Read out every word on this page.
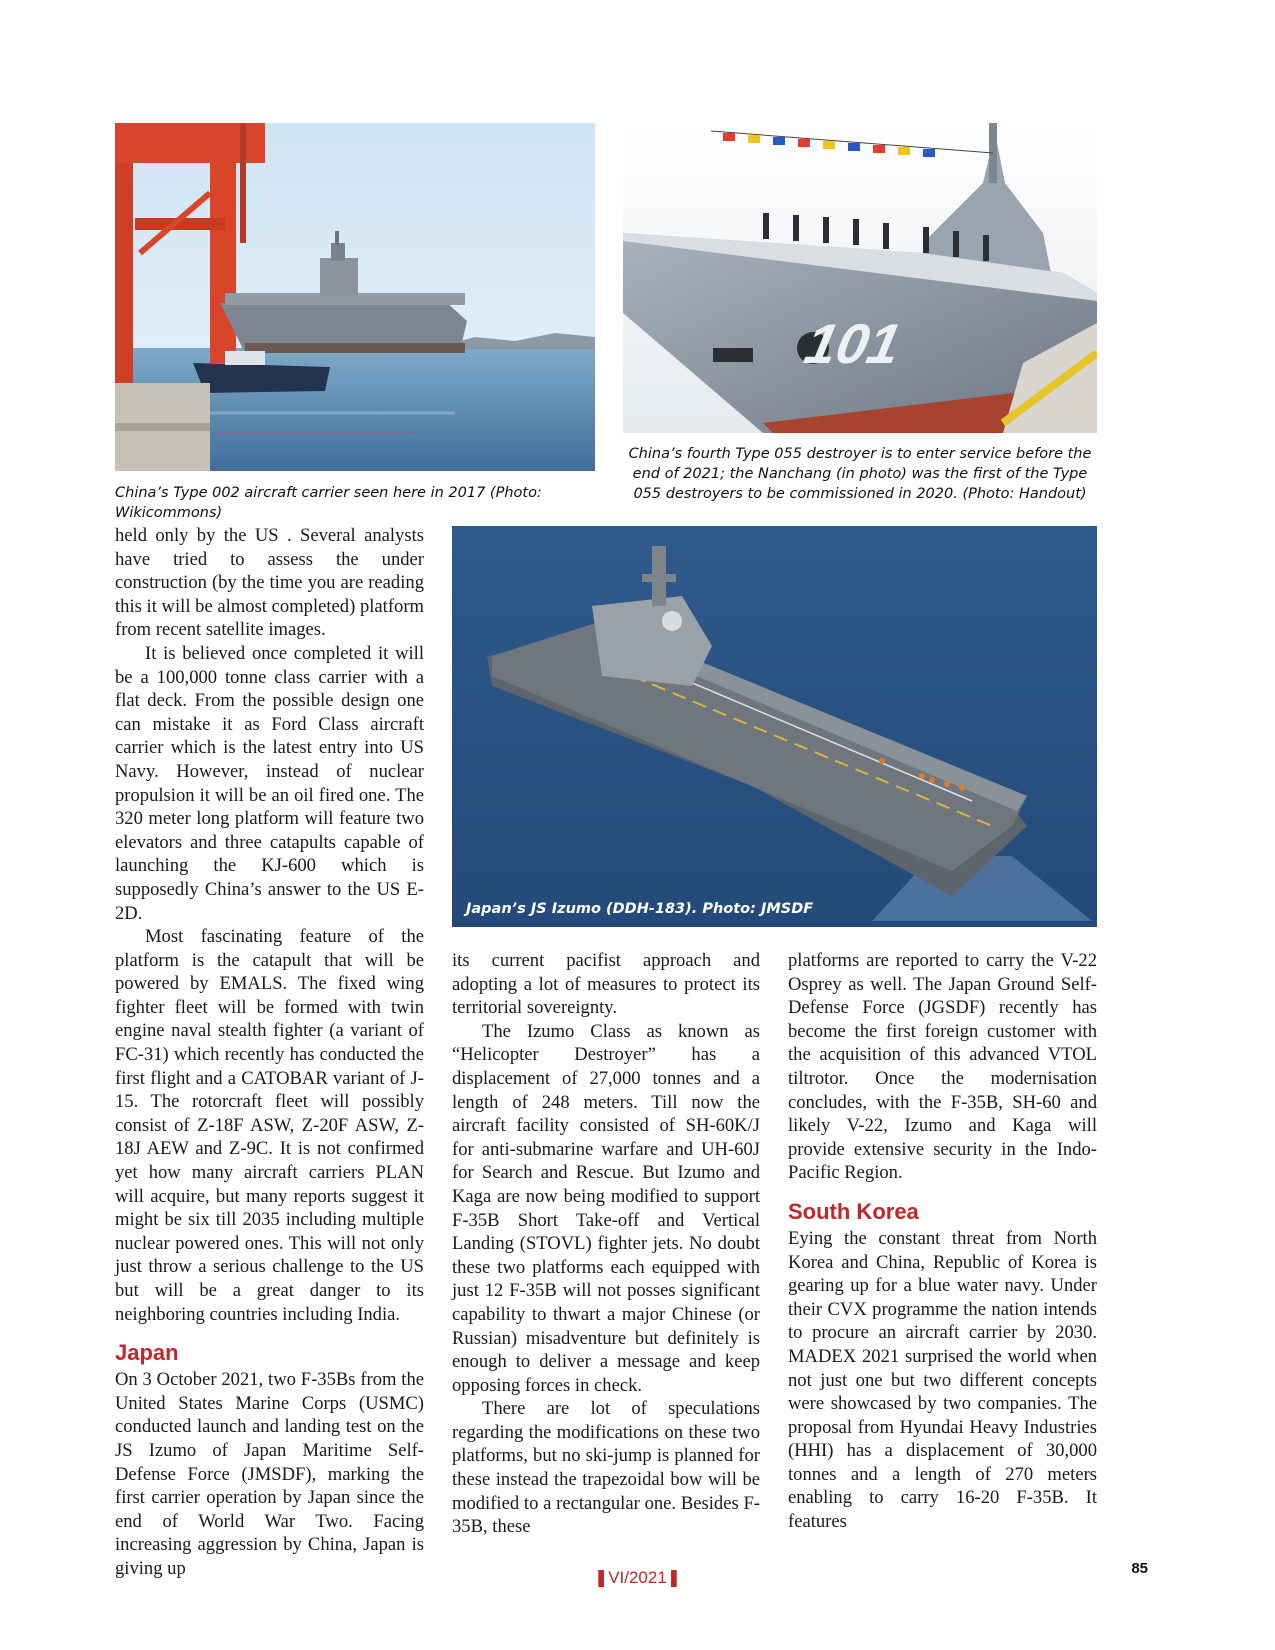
China’s Type 002 aircraft carrier seen here in 2017 (Photo: Wikicommons)
101
China’s fourth Type 055 destroyer is to enter service before the end of 2021; the Nanchang (in photo) was the first of the Type 055 destroyers to be commissioned in 2020. (Photo: Handout)

held only by the US . Several analysts have tried to assess the under construction (by the time you are reading this it will be almost completed) platform from recent satellite images.

It is believed once completed it will be a 100,000 tonne class carrier with a flat deck. From the possible design one can mistake it as Ford Class aircraft carrier which is the latest entry into US Navy. However, instead of nuclear propulsion it will be an oil fired one. The 320 meter long platform will feature two elevators and three catapults capable of launching the KJ-600 which is supposedly China’s answer to the US E-2D.

Most fascinating feature of the platform is the catapult that will be powered by EMALS. The fixed wing fighter fleet will be formed with twin engine naval stealth fighter (a variant of FC-31) which recently has conducted the first flight and a CATOBAR variant of J-15. The rotorcraft fleet will possibly consist of Z-18F ASW, Z-20F ASW, Z-18J AEW and Z-9C. It is not confirmed yet how many aircraft carriers PLAN will acquire, but many reports suggest it might be six till 2035 including multiple nuclear powered ones. This will not only just throw a serious challenge to the US but will be a great danger to its neighboring countries including India.

Japan

On 3 October 2021, two F-35Bs from the United States Marine Corps (USMC) conducted launch and landing test on the JS Izumo of Japan Maritime Self-Defense Force (JMSDF), marking the first carrier operation by Japan since the end of World War Two. Facing increasing aggression by China, Japan is giving up

Japan’s JS Izumo (DDH-183). Photo: JMSDF

its current pacifist approach and adopting a lot of measures to protect its territorial sovereignty.

The Izumo Class as known as “Helicopter Destroyer” has a displacement of 27,000 tonnes and a length of 248 meters. Till now the aircraft facility consisted of SH-60K/J for anti-submarine warfare and UH-60J for Search and Rescue. But Izumo and Kaga are now being modified to support F-35B Short Take-off and Vertical Landing (STOVL) fighter jets. No doubt these two platforms each equipped with just 12 F-35B will not posses significant capability to thwart a major Chinese (or Russian) misadventure but definitely is enough to deliver a message and keep opposing forces in check.

There are lot of speculations regarding the modifications on these two platforms, but no ski-jump is planned for these instead the trapezoidal bow will be modified to a rectangular one. Besides F-35B, these

platforms are reported to carry the V-22 Osprey as well. The Japan Ground Self-Defense Force (JGSDF) recently has become the first foreign customer with the acquisition of this advanced VTOL tiltrotor. Once the modernisation concludes, with the F-35B, SH-60 and likely V-22, Izumo and Kaga will provide extensive security in the Indo-Pacific Region.

South Korea

Eying the constant threat from North Korea and China, Republic of Korea is gearing up for a blue water navy. Under their CVX programme the nation intends to procure an aircraft carrier by 2030. MADEX 2021 surprised the world when not just one but two different concepts were showcased by two companies. The proposal from Hyundai Heavy Industries (HHI) has a displacement of 30,000 tonnes and a length of 270 meters enabling to carry 16-20 F-35B. It features

❚VI/2021❚	85
